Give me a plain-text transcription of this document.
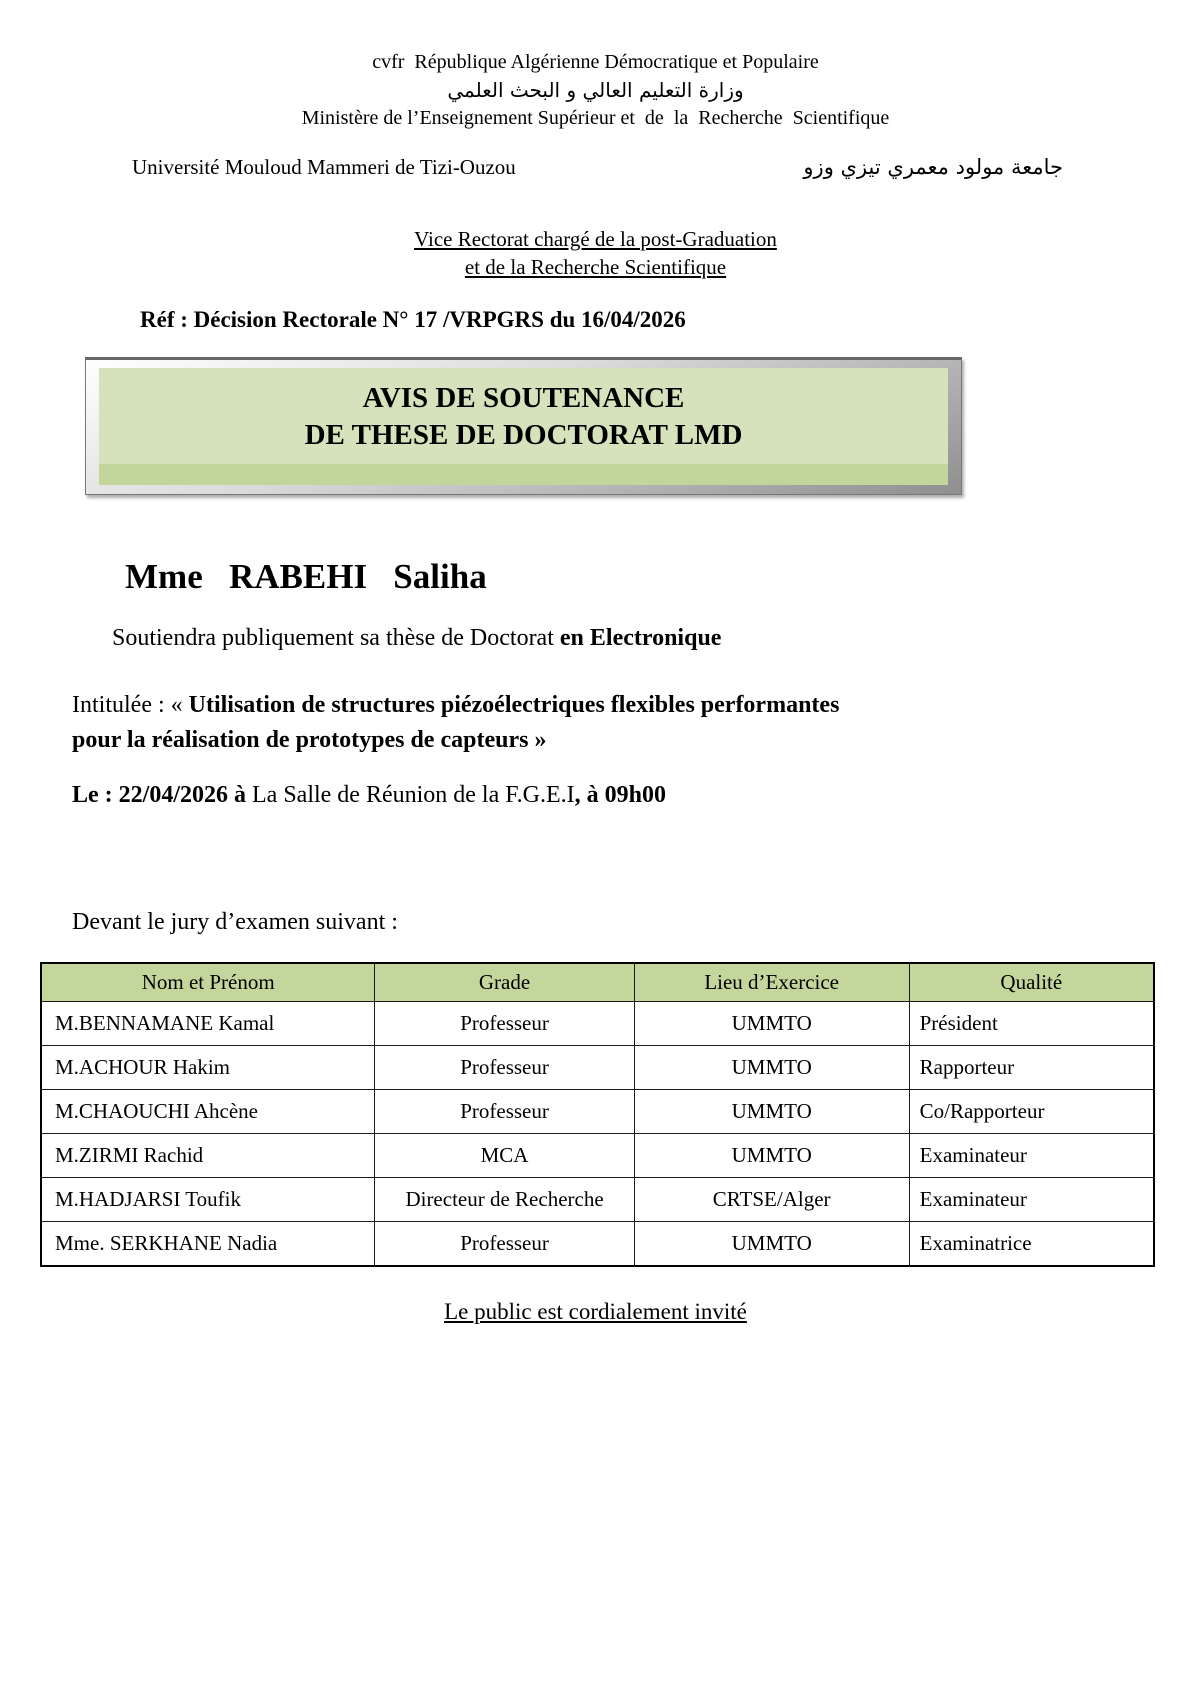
cvfr  République Algérienne Démocratique et Populaire
وزارة التعليم العالي و البحث العلمي
Ministère de l’Enseignement Supérieur et  de  la  Recherche  Scientifique
Université Mouloud Mammeri de Tizi-Ouzou	جامعة مولود معمري تيزي وزو
Vice Rectorat chargé de la post-Graduation
et de la Recherche Scientifique
Réf : Décision Rectorale N° 17 /VRPGRS du 16/04/2026
AVIS DE SOUTENANCE
DE THESE DE DOCTORAT LMD
Mme   RABEHI   Saliha
Soutiendra publiquement sa thèse de Doctorat en Electronique
Intitulée : « Utilisation de structures piézoélectriques flexibles performantes pour la réalisation de prototypes de capteurs »
Le : 22/04/2026 à La Salle de Réunion de la F.G.E.I, à 09h00
Devant le jury d’examen suivant :
Nom et Prénom	Grade	Lieu d’Exercice	Qualité
M.BENNAMANE Kamal	Professeur	UMMTO	Président
M.ACHOUR Hakim	Professeur	UMMTO	Rapporteur
M.CHAOUCHI Ahcène	Professeur	UMMTO	Co/Rapporteur
M.ZIRMI Rachid	MCA	UMMTO	Examinateur
M.HADJARSI Toufik	Directeur de Recherche	CRTSE/Alger	Examinateur
Mme. SERKHANE Nadia	Professeur	UMMTO	Examinatrice
Le public est cordialement invité
